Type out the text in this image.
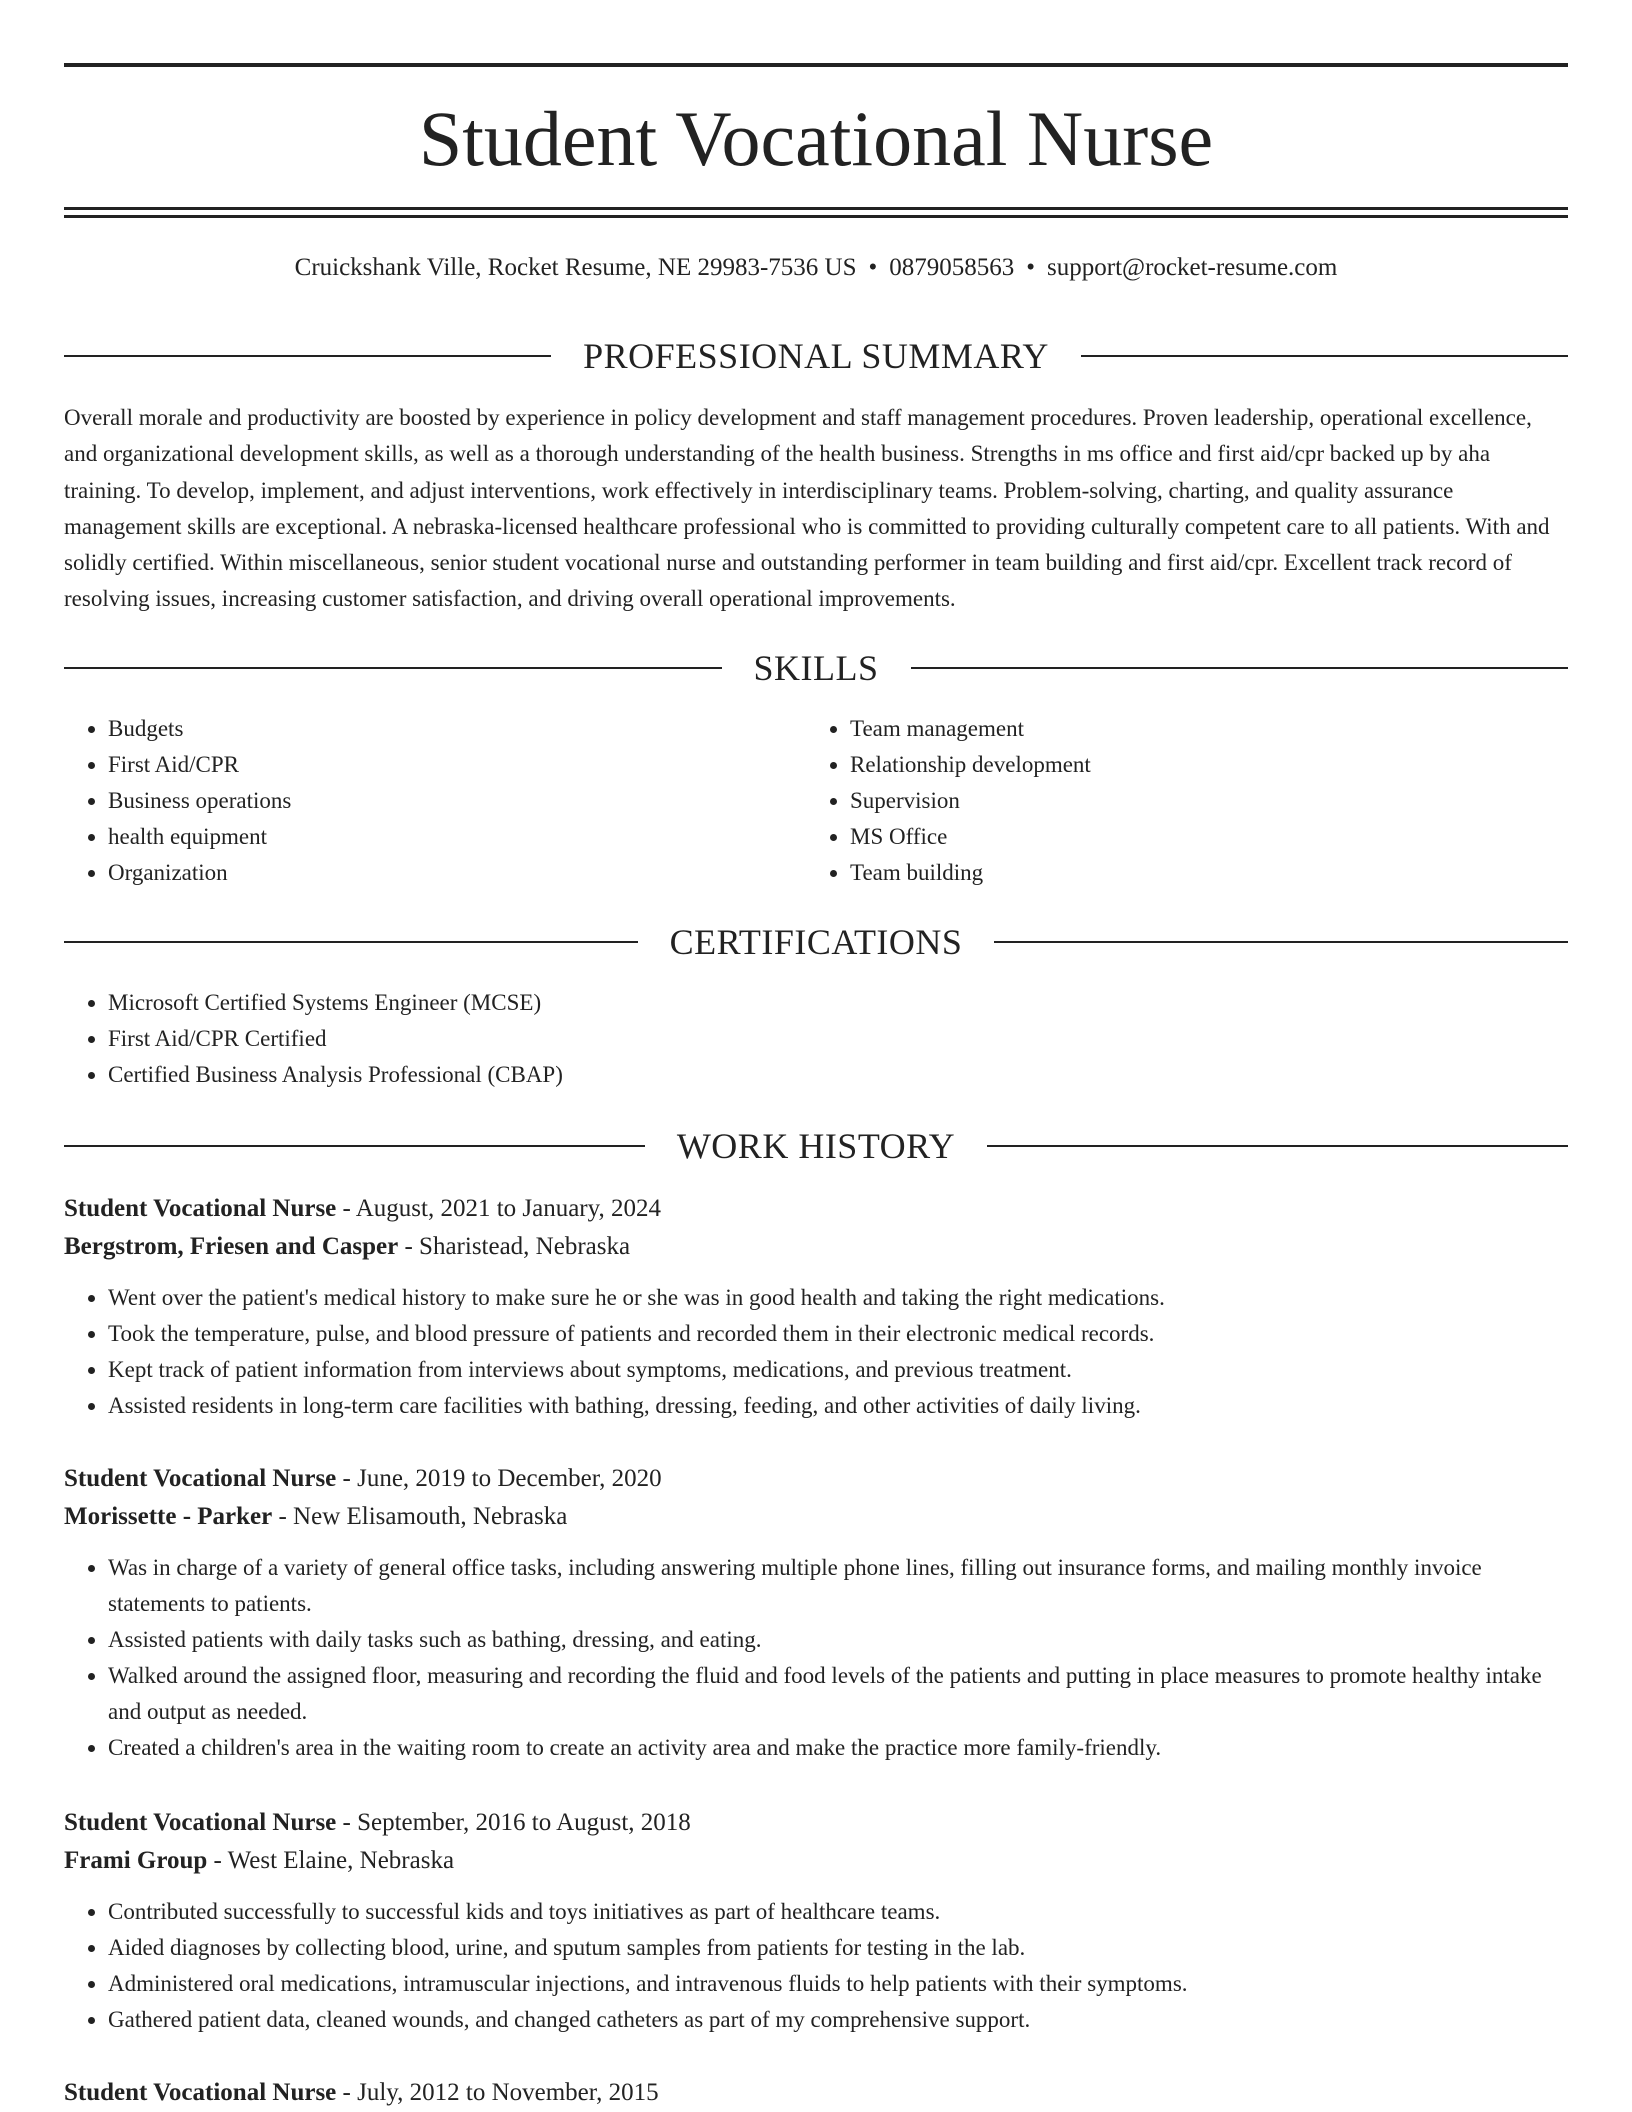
Student Vocational Nurse
Cruickshank Ville, Rocket Resume, NE 29983-7536 US • 0879058563 • support@rocket-resume.com
PROFESSIONAL SUMMARY

Overall morale and productivity are boosted by experience in policy development and staff management procedures. Proven leadership, operational excellence, and organizational development skills, as well as a thorough understanding of the health business. Strengths in ms office and first aid/cpr backed up by aha training. To develop, implement, and adjust interventions, work effectively in interdisciplinary teams. Problem-solving, charting, and quality assurance management skills are exceptional. A nebraska-licensed healthcare professional who is committed to providing culturally competent care to all patients. With and solidly certified. Within miscellaneous, senior student vocational nurse and outstanding performer in team building and first aid/cpr. Excellent track record of resolving issues, increasing customer satisfaction, and driving overall operational improvements.

SKILLS
• Budgets
• First Aid/CPR
• Business operations
• health equipment
• Organization
• Team management
• Relationship development
• Supervision
• MS Office
• Team building
CERTIFICATIONS
• Microsoft Certified Systems Engineer (MCSE)
• First Aid/CPR Certified
• Certified Business Analysis Professional (CBAP)
WORK HISTORY
Student Vocational Nurse - August, 2021 to January, 2024
Bergstrom, Friesen and Casper - Sharistead, Nebraska
• Went over the patient's medical history to make sure he or she was in good health and taking the right medications.
• Took the temperature, pulse, and blood pressure of patients and recorded them in their electronic medical records.
• Kept track of patient information from interviews about symptoms, medications, and previous treatment.
• Assisted residents in long-term care facilities with bathing, dressing, feeding, and other activities of daily living.
Student Vocational Nurse - June, 2019 to December, 2020
Morissette - Parker - New Elisamouth, Nebraska
• Was in charge of a variety of general office tasks, including answering multiple phone lines, filling out insurance forms, and mailing monthly invoice statements to patients.
• Assisted patients with daily tasks such as bathing, dressing, and eating.
• Walked around the assigned floor, measuring and recording the fluid and food levels of the patients and putting in place measures to promote healthy intake and output as needed.
• Created a children's area in the waiting room to create an activity area and make the practice more family-friendly.
Student Vocational Nurse - September, 2016 to August, 2018
Frami Group - West Elaine, Nebraska
• Contributed successfully to successful kids and toys initiatives as part of healthcare teams.
• Aided diagnoses by collecting blood, urine, and sputum samples from patients for testing in the lab.
• Administered oral medications, intramuscular injections, and intravenous fluids to help patients with their symptoms.
• Gathered patient data, cleaned wounds, and changed catheters as part of my comprehensive support.
Student Vocational Nurse - July, 2012 to November, 2015
